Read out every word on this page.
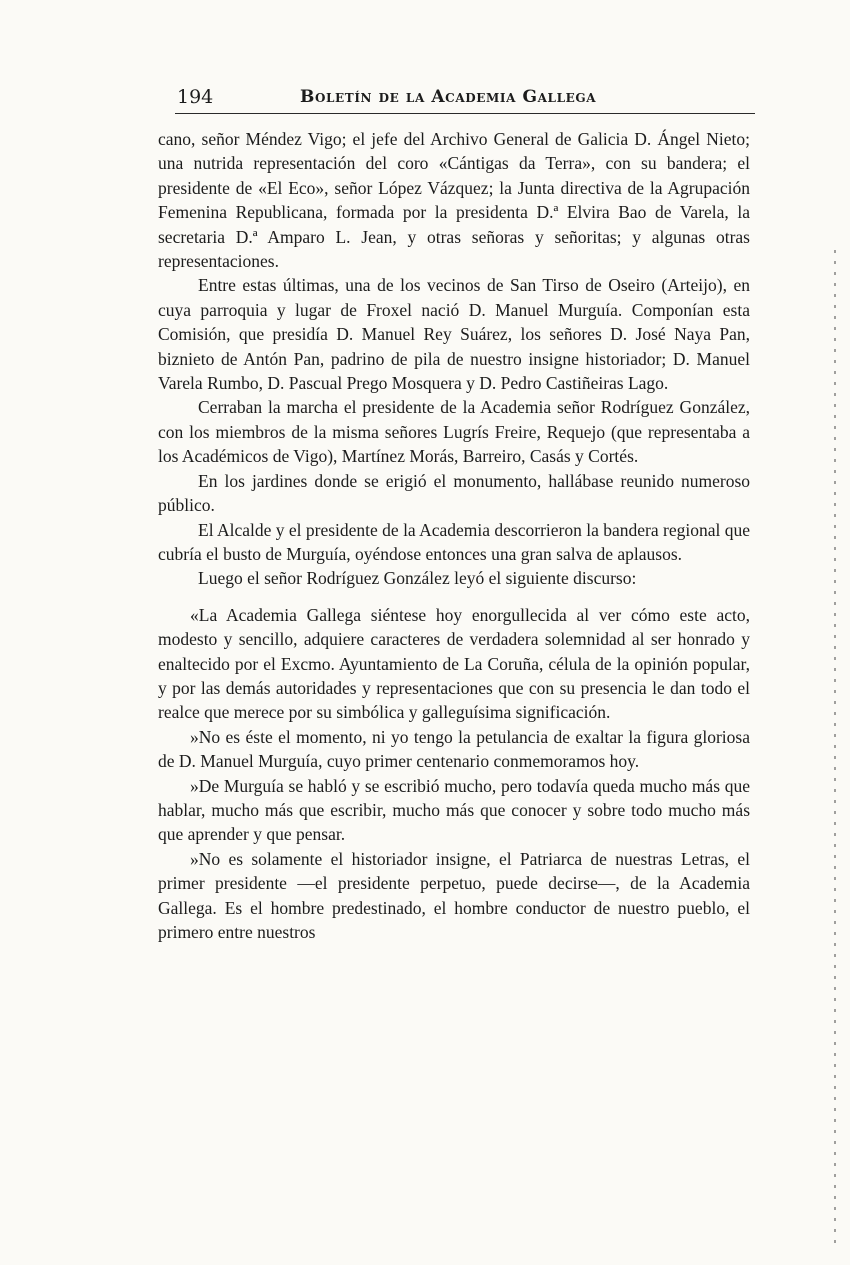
194	Boletín de la Academia Gallega

cano, señor Méndez Vigo; el jefe del Archivo General de Galicia D. Ángel Nieto; una nutrida representación del coro «Cántigas da Terra», con su bandera; el presidente de «El Eco», señor López Vázquez; la Junta directiva de la Agrupación Femenina Republicana, formada por la presidenta D.ª Elvira Bao de Varela, la secretaria D.ª Amparo L. Jean, y otras señoras y señoritas; y algunas otras representaciones.

Entre estas últimas, una de los vecinos de San Tirso de Oseiro (Arteijo), en cuya parroquia y lugar de Froxel nació D. Manuel Murguía. Componían esta Comisión, que presidía D. Manuel Rey Suárez, los señores D. José Naya Pan, biznieto de Antón Pan, padrino de pila de nuestro insigne historiador; D. Manuel Varela Rumbo, D. Pascual Prego Mosquera y D. Pedro Castiñeiras Lago.

Cerraban la marcha el presidente de la Academia señor Rodríguez González, con los miembros de la misma señores Lugrís Freire, Requejo (que representaba a los Académicos de Vigo), Martínez Morás, Barreiro, Casás y Cortés.

En los jardines donde se erigió el monumento, hallábase reunido numeroso público.

El Alcalde y el presidente de la Academia descorrieron la bandera regional que cubría el busto de Murguía, oyéndose entonces una gran salva de aplausos.

Luego el señor Rodríguez González leyó el siguiente discurso:

«La Academia Gallega siéntese hoy enorgullecida al ver cómo este acto, modesto y sencillo, adquiere caracteres de verdadera solemnidad al ser honrado y enaltecido por el Excmo. Ayuntamiento de La Coruña, célula de la opinión popular, y por las demás autoridades y representaciones que con su presencia le dan todo el realce que merece por su simbólica y galleguísima significación.

»No es éste el momento, ni yo tengo la petulancia de exaltar la figura gloriosa de D. Manuel Murguía, cuyo primer centenario conmemoramos hoy.

»De Murguía se habló y se escribió mucho, pero todavía queda mucho más que hablar, mucho más que escribir, mucho más que conocer y sobre todo mucho más que aprender y que pensar.

»No es solamente el historiador insigne, el Patriarca de nuestras Letras, el primer presidente —el presidente perpetuo, puede decirse—, de la Academia Gallega. Es el hombre predestinado, el hombre conductor de nuestro pueblo, el primero entre nuestros
